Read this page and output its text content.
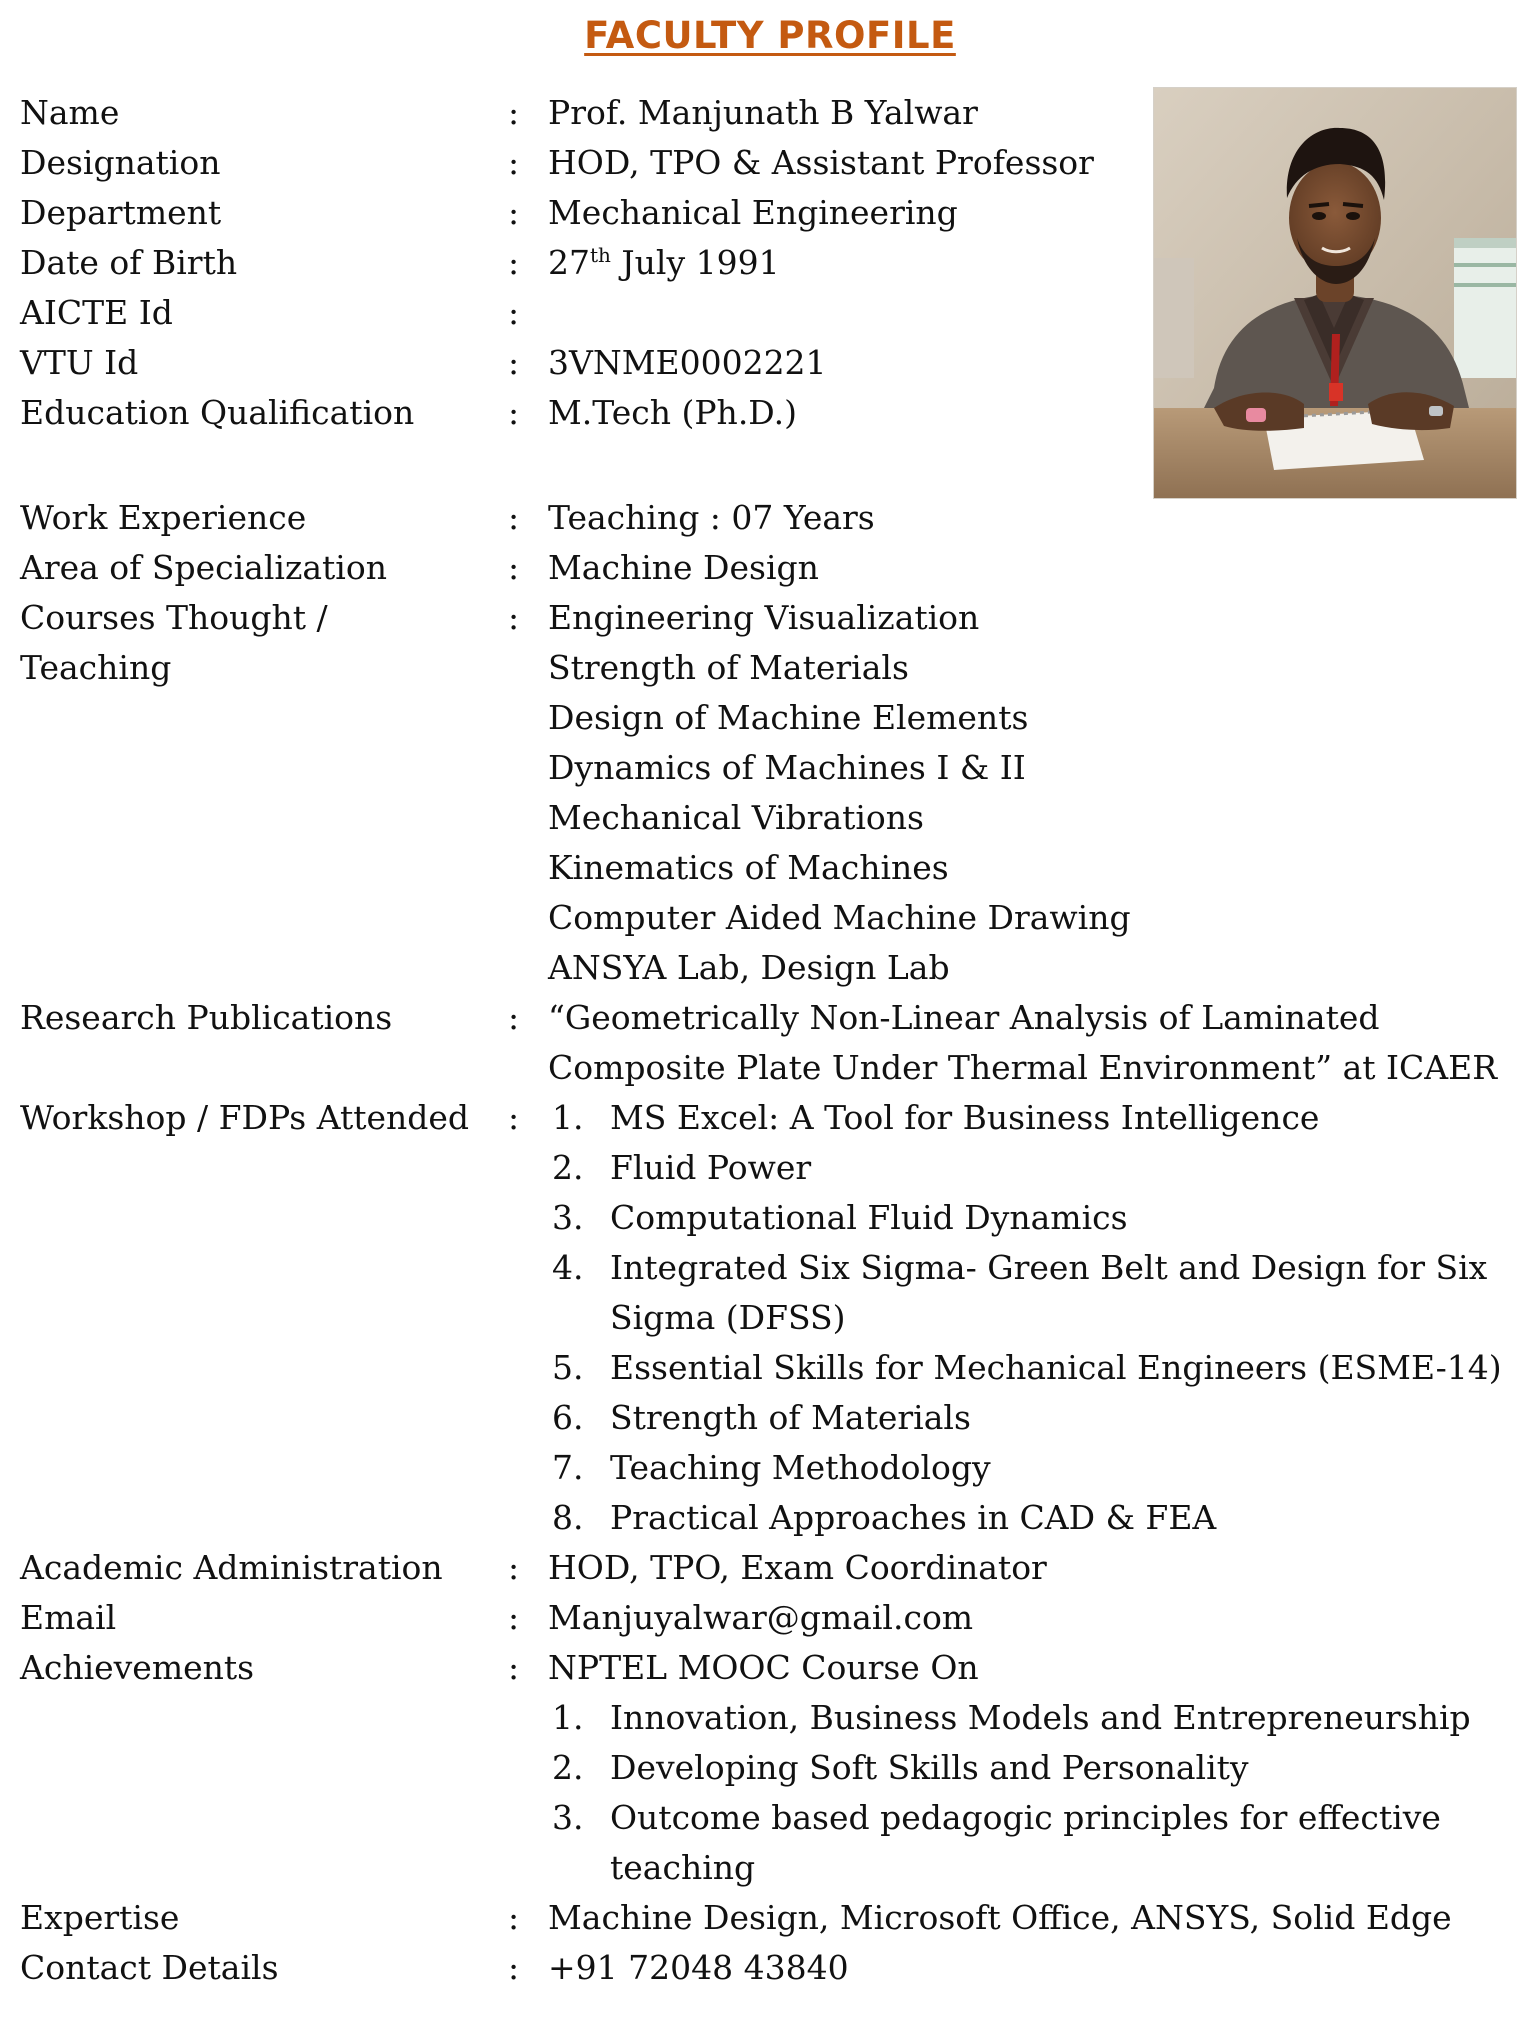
FACULTY PROFILE
Name	: Prof. Manjunath B Yalwar
Designation	: HOD, TPO & Assistant Professor
Department	: Mechanical Engineering
Date of Birth	: 27th July 1991
AICTE Id	:
VTU Id	: 3VNME0002221
Education Qualification	: M.Tech (Ph.D.)
Work Experience	: Teaching : 07 Years
Area of Specialization	: Machine Design
Courses Thought /	: Engineering Visualization
Teaching	Strength of Materials
Design of Machine Elements
Dynamics of Machines I & II
Mechanical Vibrations
Kinematics of Machines
Computer Aided Machine Drawing
ANSYA Lab, Design Lab
Research Publications	: “Geometrically Non-Linear Analysis of Laminated
Composite Plate Under Thermal Environment” at ICAER
Workshop / FDPs Attended : 1. MS Excel: A Tool for Business Intelligence
2. Fluid Power
3. Computational Fluid Dynamics
4. Integrated Six Sigma- Green Belt and Design for Six
Sigma (DFSS)
5. Essential Skills for Mechanical Engineers (ESME-14)
6. Strength of Materials
7. Teaching Methodology
8. Practical Approaches in CAD & FEA
Academic Administration : HOD, TPO, Exam Coordinator
Email	: Manjuyalwar@gmail.com
Achievements	: NPTEL MOOC Course On
1. Innovation, Business Models and Entrepreneurship
2. Developing Soft Skills and Personality
3. Outcome based pedagogic principles for effective
teaching
Expertise	: Machine Design, Microsoft Office, ANSYS, Solid Edge
Contact Details	: +91 72048 43840
